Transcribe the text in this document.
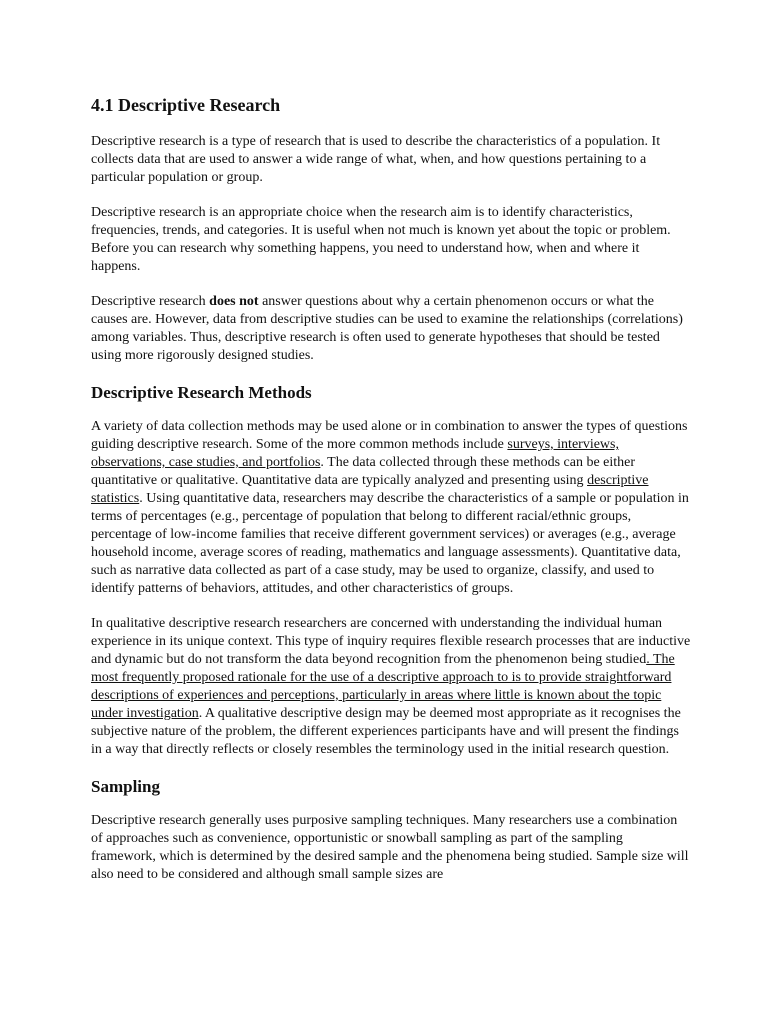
4.1 Descriptive Research

Descriptive research is a type of research that is used to describe the characteristics of a population. It collects data that are used to answer a wide range of what, when, and how questions pertaining to a particular population or group.

Descriptive research is an appropriate choice when the research aim is to identify characteristics, frequencies, trends, and categories. It is useful when not much is known yet about the topic or problem. Before you can research why something happens, you need to understand how, when and where it happens.

Descriptive research does not answer questions about why a certain phenomenon occurs or what the causes are. However, data from descriptive studies can be used to examine the relationships (correlations) among variables. Thus, descriptive research is often used to generate hypotheses that should be tested using more rigorously designed studies.

Descriptive Research Methods

A variety of data collection methods may be used alone or in combination to answer the types of questions guiding descriptive research. Some of the more common methods include surveys, interviews, observations, case studies, and portfolios. The data collected through these methods can be either quantitative or qualitative. Quantitative data are typically analyzed and presenting using descriptive statistics. Using quantitative data, researchers may describe the characteristics of a sample or population in terms of percentages (e.g., percentage of population that belong to different racial/ethnic groups, percentage of low-income families that receive different government services) or averages (e.g., average household income, average scores of reading, mathematics and language assessments). Quantitative data, such as narrative data collected as part of a case study, may be used to organize, classify, and used to identify patterns of behaviors, attitudes, and other characteristics of groups.

In qualitative descriptive research researchers are concerned with understanding the individual human experience in its unique context. This type of inquiry requires flexible research processes that are inductive and dynamic but do not transform the data beyond recognition from the phenomenon being studied. The most frequently proposed rationale for the use of a descriptive approach to is to provide straightforward descriptions of experiences and perceptions, particularly in areas where little is known about the topic under investigation. A qualitative descriptive design may be deemed most appropriate as it recognises the subjective nature of the problem, the different experiences participants have and will present the findings in a way that directly reflects or closely resembles the terminology used in the initial research question.

Sampling

Descriptive research generally uses purposive sampling techniques. Many researchers use a combination of approaches such as convenience, opportunistic or snowball sampling as part of the sampling framework, which is determined by the desired sample and the phenomena being studied. Sample size will also need to be considered and although small sample sizes are
